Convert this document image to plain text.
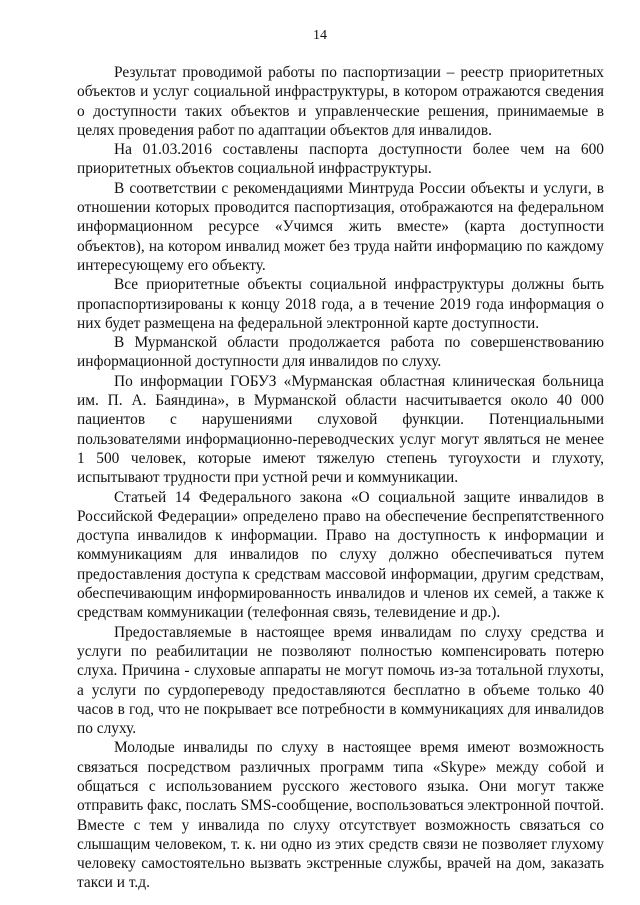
14

Результат проводимой работы по паспортизации – реестр приоритетных объектов и услуг социальной инфраструктуры, в котором отражаются сведения о доступности таких объектов и управленческие решения, принимаемые в целях проведения работ по адаптации объектов для инвалидов.

На 01.03.2016 составлены паспорта доступности более чем на 600 приоритетных объектов социальной инфраструктуры.

В соответствии с рекомендациями Минтруда России объекты и услуги, в отношении которых проводится паспортизация, отображаются на федеральном информационном ресурсе «Учимся жить вместе» (карта доступности объектов), на котором инвалид может без труда найти информацию по каждому интересующему его объекту.

Все приоритетные объекты социальной инфраструктуры должны быть пропаспортизированы к концу 2018 года, а в течение 2019 года информация о них будет размещена на федеральной электронной карте доступности.

В Мурманской области продолжается работа по совершенствованию информационной доступности для инвалидов по слуху.

По информации ГОБУЗ «Мурманская областная клиническая больница им. П. А. Баяндина», в Мурманской области насчитывается около 40 000 пациентов с нарушениями слуховой функции. Потенциальными пользователями информационно-переводческих услуг могут являться не менее 1 500 человек, которые имеют тяжелую степень тугоухости и глухоту, испытывают трудности при устной речи и коммуникации.

Статьей 14 Федерального закона «О социальной защите инвалидов в Российской Федерации» определено право на обеспечение беспрепятственного доступа инвалидов к информации. Право на доступность к информации и коммуникациям для инвалидов по слуху должно обеспечиваться путем предоставления доступа к средствам массовой информации, другим средствам, обеспечивающим информированность инвалидов и членов их семей, а также к средствам коммуникации (телефонная связь, телевидение и др.).

Предоставляемые в настоящее время инвалидам по слуху средства и услуги по реабилитации не позволяют полностью компенсировать потерю слуха. Причина - слуховые аппараты не могут помочь из-за тотальной глухоты, а услуги по сурдопереводу предоставляются бесплатно в объеме только 40 часов в год, что не покрывает все потребности в коммуникациях для инвалидов по слуху.

Молодые инвалиды по слуху в настоящее время имеют возможность связаться посредством различных программ типа «Skype» между собой и общаться с использованием русского жестового языка. Они могут также отправить факс, послать SMS-сообщение, воспользоваться электронной почтой. Вместе с тем у инвалида по слуху отсутствует возможность связаться со слышащим человеком, т. к. ни одно из этих средств связи не позволяет глухому человеку самостоятельно вызвать экстренные службы, врачей на дом, заказать такси и т.д.
